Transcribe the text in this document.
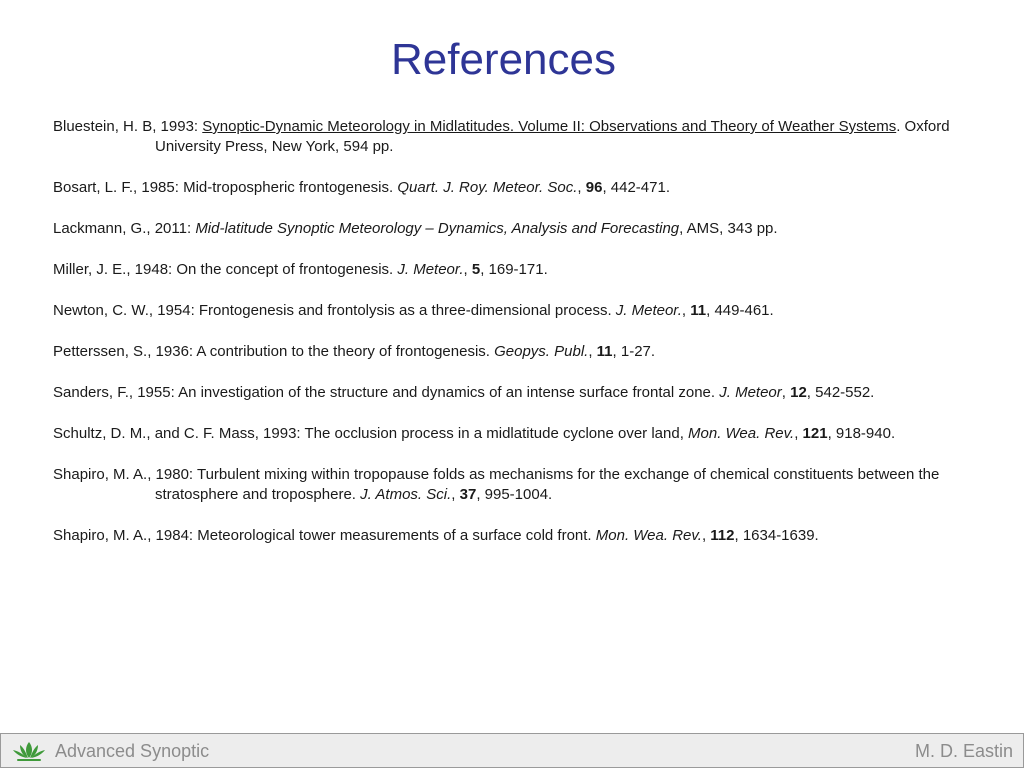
References
Bluestein, H. B, 1993: Synoptic-Dynamic Meteorology in Midlatitudes. Volume II: Observations and Theory of Weather Systems. Oxford University Press, New York, 594 pp.
Bosart, L. F., 1985: Mid-tropospheric frontogenesis. Quart. J. Roy. Meteor. Soc., 96, 442-471.
Lackmann, G., 2011: Mid-latitude Synoptic Meteorology – Dynamics, Analysis and Forecasting, AMS, 343 pp.
Miller, J. E., 1948: On the concept of frontogenesis. J. Meteor., 5, 169-171.
Newton, C. W., 1954: Frontogenesis and frontolysis as a three-dimensional process. J. Meteor., 11, 449-461.
Petterssen, S., 1936: A contribution to the theory of frontogenesis. Geopys. Publ., 11, 1-27.
Sanders, F., 1955: An investigation of the structure and dynamics of an intense surface frontal zone. J. Meteor, 12, 542-552.
Schultz, D. M., and C. F. Mass, 1993: The occlusion process in a midlatitude cyclone over land, Mon. Wea. Rev., 121, 918-940.
Shapiro, M. A., 1980: Turbulent mixing within tropopause folds as mechanisms for the exchange of chemical constituents between the stratosphere and troposphere. J. Atmos. Sci., 37, 995-1004.
Shapiro, M. A., 1984: Meteorological tower measurements of a surface cold front. Mon. Wea. Rev., 112, 1634-1639.
Advanced Synoptic	M. D. Eastin
